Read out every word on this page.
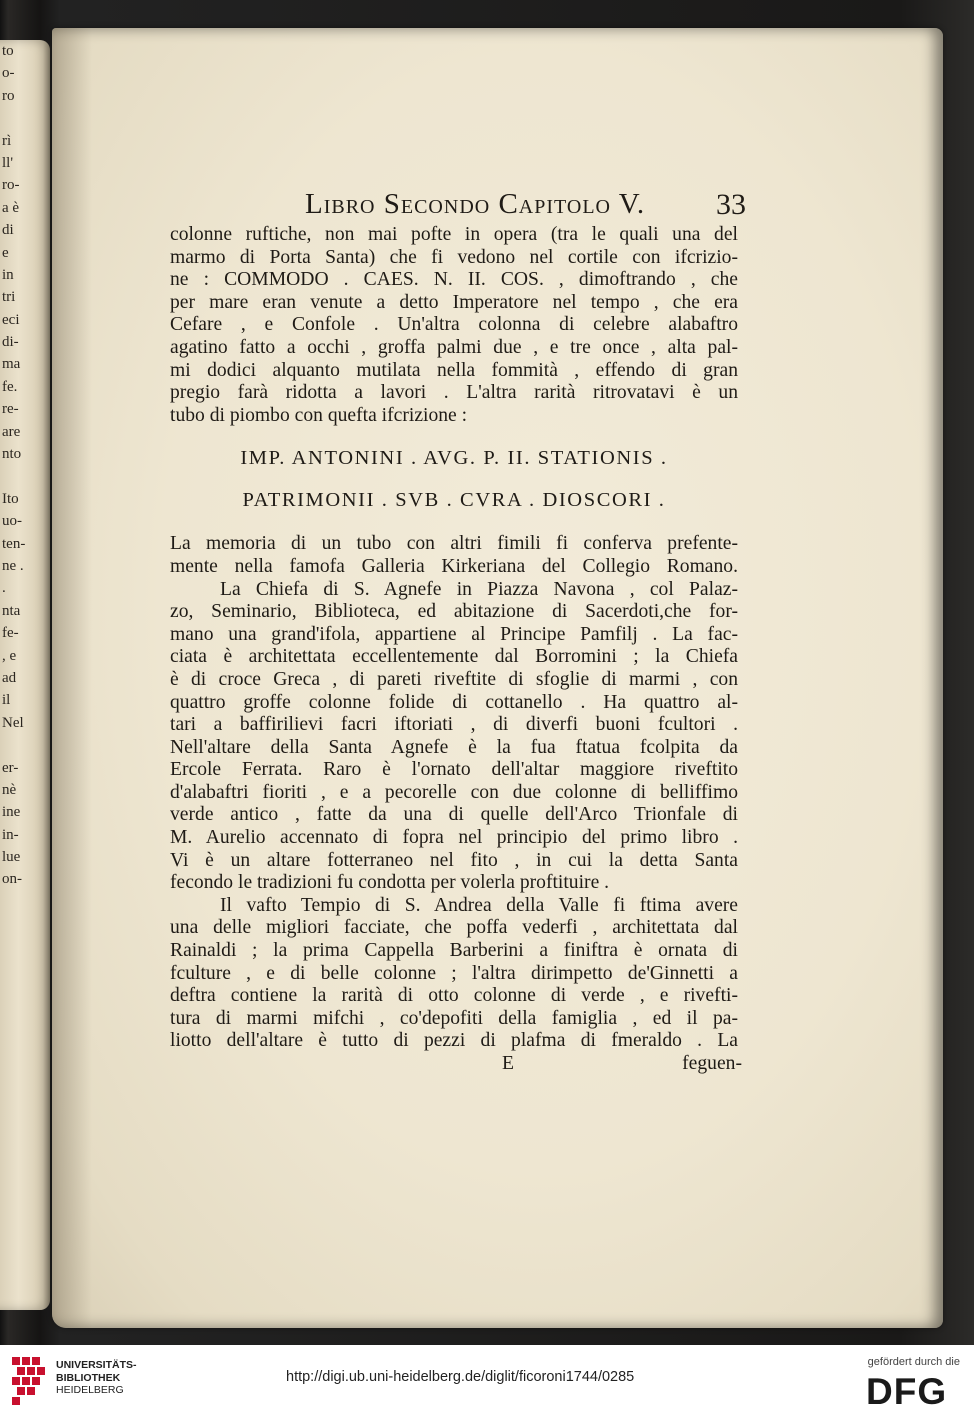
to
o-
ro
rì
ll'
ro-
a è
di
e
in
tri
eci
di-
ma
fe.
re-
are
nto
Ito
uo-
ten-
ne .
.
nta
fe-
, e
ad
il
Nel
er-
nè
ine
in-
lue
on-
Libro Secondo Capitolo V. 33
colonne ruftiche, non mai pofte in opera (tra le quali una del
marmo di Porta Santa) che fi vedono nel cortile con ifcrizio-
ne : COMMODO . CAES. N. II. COS. , dimoftrando , che
per mare eran venute a detto Imperatore nel tempo , che era
Cefare , e Confole . Un'altra colonna di celebre alabaftro
agatino fatto a occhi , groffa palmi due , e tre once , alta pal-
mi dodici alquanto mutilata nella fommità , effendo di gran
pregio farà ridotta a lavori . L'altra rarità ritrovatavi è un
tubo di piombo con quefta ifcrizione :
IMP. ANTONINI . AVG. P. II. STATIONIS .
PATRIMONII . SVB . CVRA . DIOSCORI .
La memoria di un tubo con altri fimili fi conferva prefente-
mente nella famofa Galleria Kirkeriana del Collegio Romano.
La Chiefa di S. Agnefe in Piazza Navona , col Palaz-
zo, Seminario, Biblioteca, ed abitazione di Sacerdoti,che for-
mano una grand'ifola, appartiene al Principe Pamfilj . La fac-
ciata è architettata eccellentemente dal Borromini ; la Chiefa
è di croce Greca , di pareti riveftite di sfoglie di marmi , con
quattro groffe colonne folide di cottanello . Ha quattro al-
tari a baffirilievi facri iftoriati , di diverfi buoni fcultori .
Nell'altare della Santa Agnefe è la fua ftatua fcolpita da
Ercole Ferrata. Raro è l'ornato dell'altar maggiore riveftito
d'alabaftri fioriti , e a pecorelle con due colonne di belliffimo
verde antico , fatte da una di quelle dell'Arco Trionfale di
M. Aurelio accennato di fopra nel principio del primo libro .
Vi è un altare fotterraneo nel fito , in cui la detta Santa
fecondo le tradizioni fu condotta per volerla proftituire .
Il vafto Tempio di S. Andrea della Valle fi ftima avere
una delle migliori facciate, che poffa vederfi , architettata dal
Rainaldi ; la prima Cappella Barberini a finiftra è ornata di
fculture , e di belle colonne ; l'altra dirimpetto de'Ginnetti a
deftra contiene la rarità di otto colonne di verde , e rivefti-
tura di marmi mifchi , co'depofiti della famiglia , ed il pa-
liotto dell'altare è tutto di pezzi di plafma di fmeraldo . La
E	feguen-
UNIVERSITÄTS-
BIBLIOTHEK
HEIDELBERG
http://digi.ub.uni-heidelberg.de/diglit/ficoroni1744/0285
gefördert durch die
DFG
